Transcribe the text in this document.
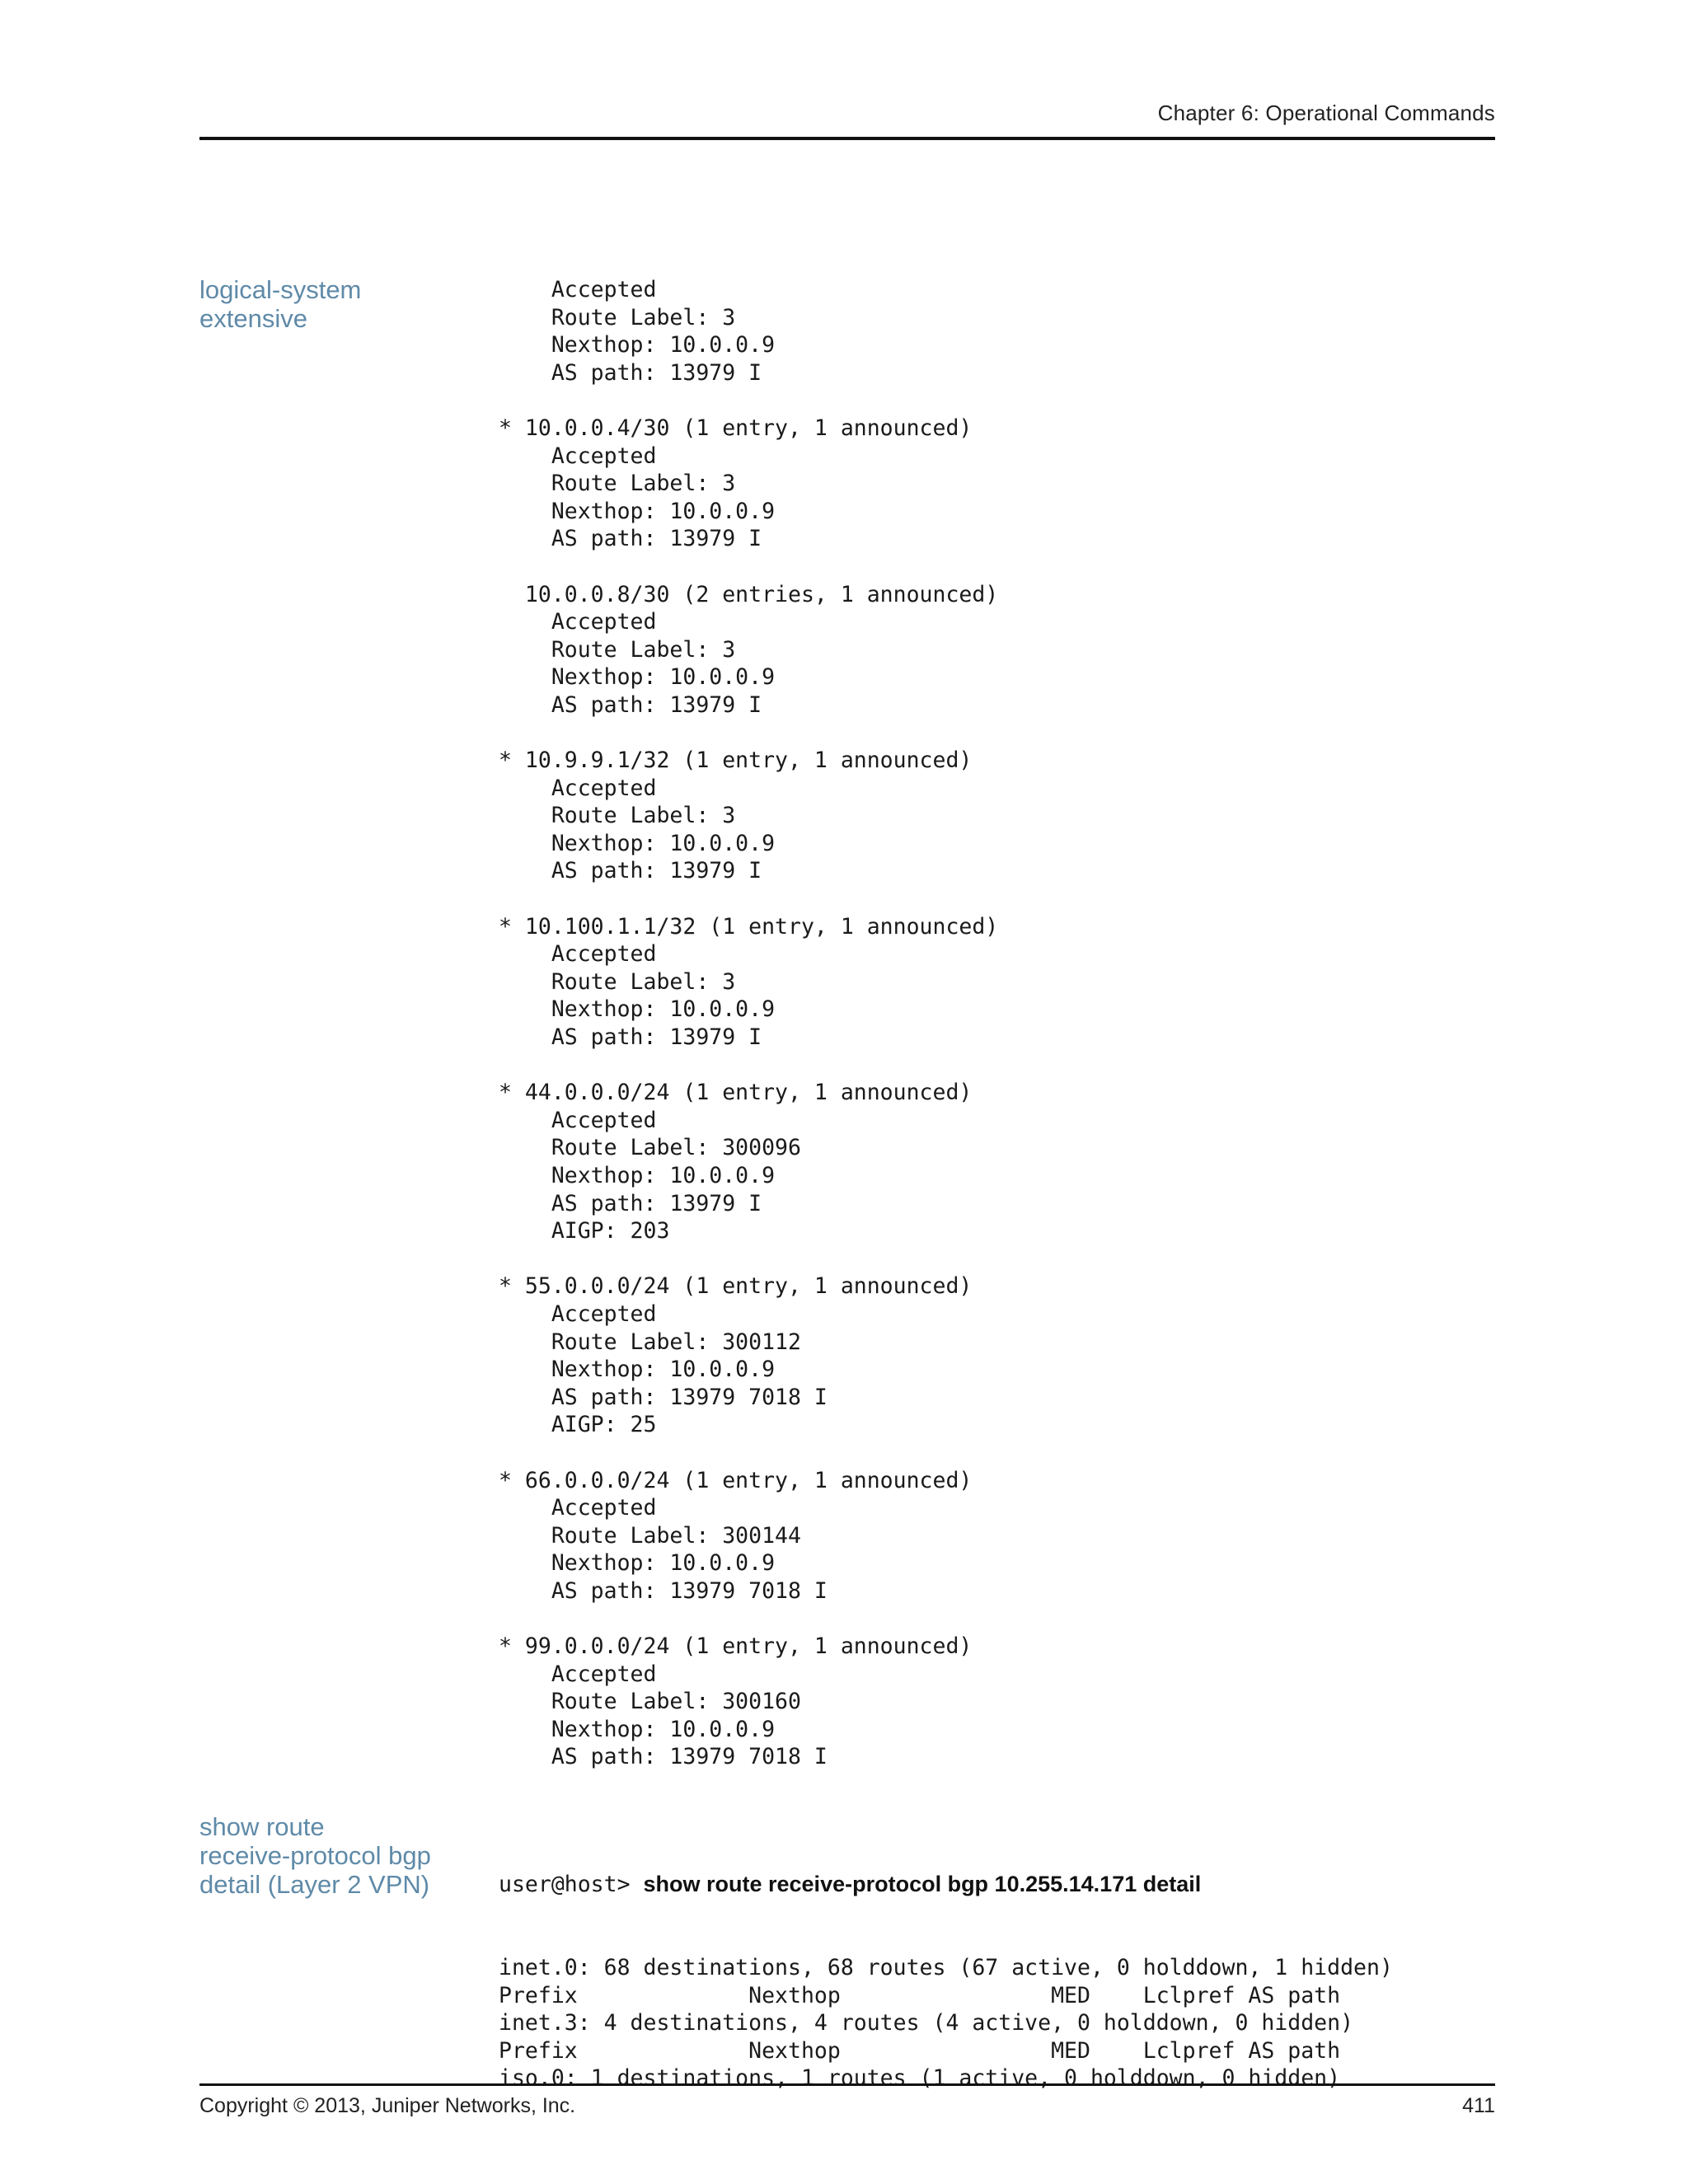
Chapter 6: Operational Commands
logical-system
extensive
Accepted
Route Label: 3
Nexthop: 10.0.0.9
AS path: 13979 I

* 10.0.0.4/30 (1 entry, 1 announced)
Accepted
Route Label: 3
Nexthop: 10.0.0.9
AS path: 13979 I

10.0.0.8/30 (2 entries, 1 announced)
Accepted
Route Label: 3
Nexthop: 10.0.0.9
AS path: 13979 I

* 10.9.9.1/32 (1 entry, 1 announced)
Accepted
Route Label: 3
Nexthop: 10.0.0.9
AS path: 13979 I

* 10.100.1.1/32 (1 entry, 1 announced)
Accepted
Route Label: 3
Nexthop: 10.0.0.9
AS path: 13979 I

* 44.0.0.0/24 (1 entry, 1 announced)
Accepted
Route Label: 300096
Nexthop: 10.0.0.9
AS path: 13979 I
AIGP: 203

* 55.0.0.0/24 (1 entry, 1 announced)
Accepted
Route Label: 300112
Nexthop: 10.0.0.9
AS path: 13979 7018 I
AIGP: 25

* 66.0.0.0/24 (1 entry, 1 announced)
Accepted
Route Label: 300144
Nexthop: 10.0.0.9
AS path: 13979 7018 I

* 99.0.0.0/24 (1 entry, 1 announced)
Accepted
Route Label: 300160
Nexthop: 10.0.0.9
AS path: 13979 7018 I
show route
receive-protocol bgp
detail (Layer 2 VPN)

	user@host> show route receive-protocol bgp 10.255.14.171 detail

inet.0: 68 destinations, 68 routes (67 active, 0 holddown, 1 hidden)
Prefix             Nexthop                MED    Lclpref AS path
inet.3: 4 destinations, 4 routes (4 active, 0 holddown, 0 hidden)
Prefix             Nexthop                MED    Lclpref AS path
iso.0: 1 destinations, 1 routes (1 active, 0 holddown, 0 hidden)

Copyright © 2013, Juniper Networks, Inc.	411
